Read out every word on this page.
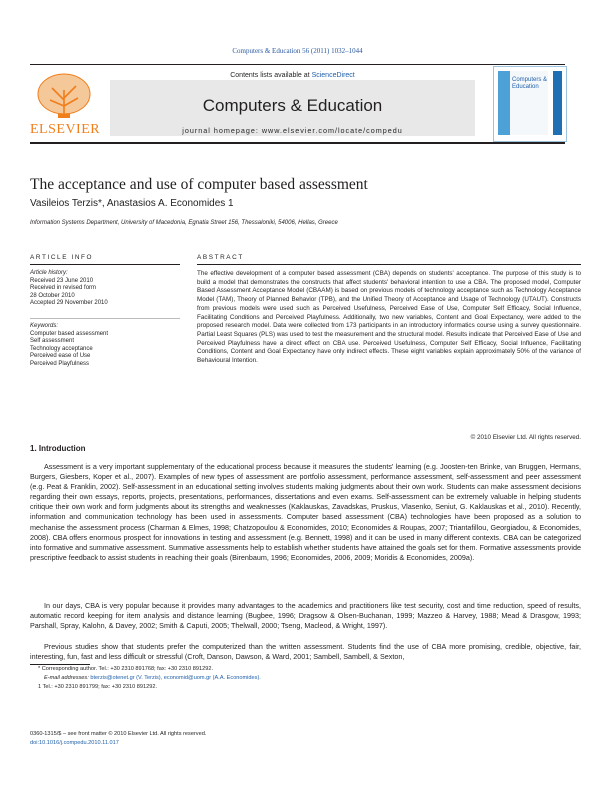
Computers & Education 56 (2011) 1032–1044
ELSEVIER
Contents lists available at ScienceDirect
Computers & Education
journal homepage: www.elsevier.com/locate/compedu
Computers & Education
The acceptance and use of computer based assessment
Vasileios Terzis*, Anastasios A. Economides 1
Information Systems Department, University of Macedonia, Egnatia Street 156, Thessaloniki, 54006, Hellas, Greece
ARTICLE INFO
Article history:
Received 23 June 2010
Received in revised form
28 October 2010
Accepted 29 November 2010
Keywords:
Computer based assessment
Self assessment
Technology acceptance
Perceived ease of Use
Perceived Playfulness
ABSTRACT
The effective development of a computer based assessment (CBA) depends on students' acceptance. The purpose of this study is to build a model that demonstrates the constructs that affect students' behavioral intention to use a CBA. The proposed model, Computer Based Assessment Acceptance Model (CBAAM) is based on previous models of technology acceptance such as Technology Acceptance Model (TAM), Theory of Planned Behavior (TPB), and the Unified Theory of Acceptance and Usage of Technology (UTAUT). Constructs from previous models were used such as Perceived Usefulness, Perceived Ease of Use, Computer Self Efficacy, Social Influence, Facilitating Conditions and Perceived Playfulness. Additionally, two new variables, Content and Goal Expectancy, were added to the proposed research model. Data were collected from 173 participants in an introductory informatics course using a survey questionnaire. Partial Least Squares (PLS) was used to test the measurement and the structural model. Results indicate that Perceived Ease of Use and Perceived Playfulness have a direct effect on CBA use. Perceived Usefulness, Computer Self Efficacy, Social Influence, Facilitating Conditions, Content and Goal Expectancy have only indirect effects. These eight variables explain approximately 50% of the variance of Behavioural Intention.
© 2010 Elsevier Ltd. All rights reserved.
1. Introduction
Assessment is a very important supplementary of the educational process because it measures the students' learning (e.g. Joosten-ten Brinke, van Bruggen, Hermans, Burgers, Giesbers, Koper et al., 2007). Examples of new types of assessment are portfolio assessment, performance assessment, self-assessment and peer assessment (e.g. Peat & Franklin, 2002). Self-assessment in an educational setting involves students making judgments about their own work. Students can make assessment decisions regarding their own essays, reports, projects, presentations, performances, dissertations and even exams. Self-assessment can be extremely valuable in helping students critique their own work and form judgments about its strengths and weaknesses (Kaklauskas, Zavadskas, Pruskus, Vlasenko, Seniut, G. Kaklauskas et al., 2010). Recently, information and communication technology has been used in assessments. Computer based assessment (CBA) technologies have been proposed as a solution to mechanise the assessment process (Charman & Elmes, 1998; Chatzopoulou & Economides, 2010; Economides & Roupas, 2007; Triantafillou, Georgiadou, & Economides, 2008). CBA offers enormous prospect for innovations in testing and assessment (e.g. Bennett, 1998) and it can be used in many different contexts. CBA can be categorized into formative and summative assessment. Summative assessments help to establish whether students have attained the goals set for them. Formative assessments provide prescriptive feedback to assist students in reaching their goals (Birenbaum, 1996; Economides, 2006, 2009; Moridis & Economides, 2009a).
In our days, CBA is very popular because it provides many advantages to the academics and practitioners like test security, cost and time reduction, speed of results, automatic record keeping for item analysis and distance learning (Bugbee, 1996; Dragsow & Olsen-Buchanan, 1999; Mazzeo & Harvey, 1988; Mead & Drasgow, 1993; Parshall, Spray, Kalohn, & Davey, 2002; Smith & Caputi, 2005; Thelwall, 2000; Tseng, Macleod, & Wright, 1997).
Previous studies show that students prefer the computerized than the written assessment. Students find the use of CBA more promising, credible, objective, fair, interesting, fun, fast and less difficult or stressful (Croft, Danson, Dawson, & Ward, 2001; Sambell, Sambell, & Sexton,
* Corresponding author. Tel.: +30 2310 891768; fax: +30 2310 891292.
E-mail addresses: bterzis@otenet.gr (V. Terzis), economid@uom.gr (A.A. Economides).
1 Tel.: +30 2310 891799; fax: +30 2310 891292.
0360-1315/$ – see front matter © 2010 Elsevier Ltd. All rights reserved.
doi:10.1016/j.compedu.2010.11.017
